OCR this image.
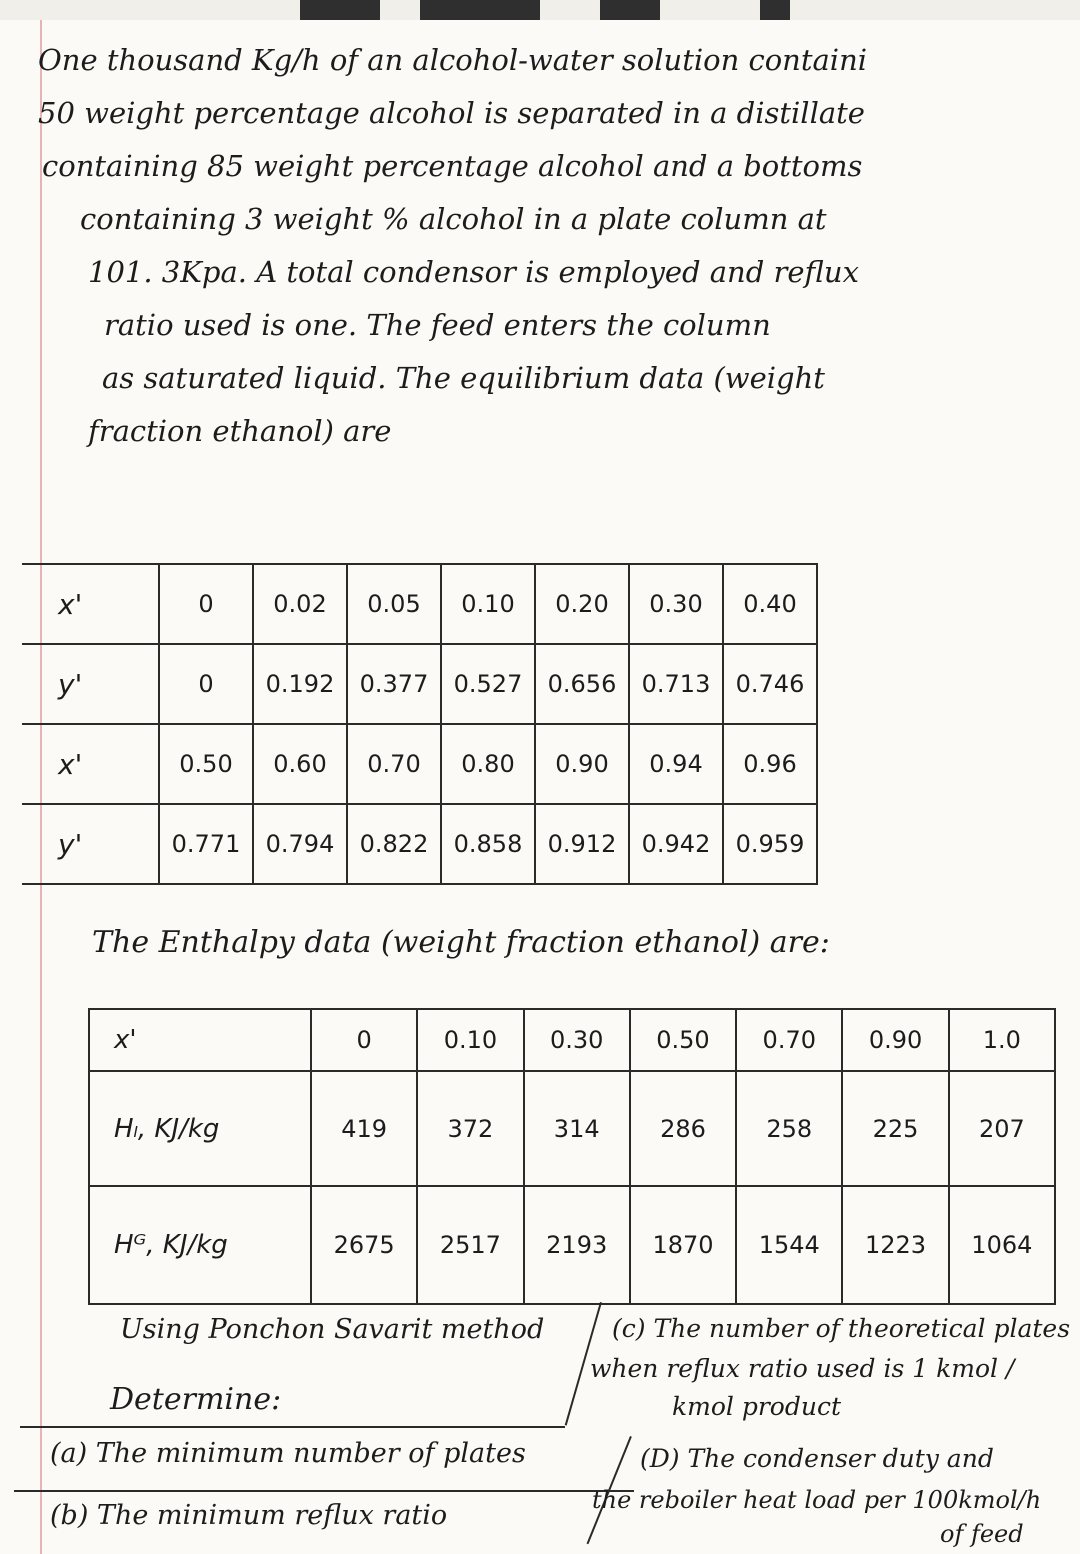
One thousand Kg/h of an alcohol-water solution containi
50 weight percentage alcohol is separated in a distillate
containing 85 weight percentage alcohol and a bottoms
containing 3 weight % alcohol in a plate column at
101. 3Kpa. A total condensor is employed and reflux
ratio used is one. The feed enters the column
as saturated liquid. The equilibrium data (weight
fraction ethanol) are
x'	0	0.02	0.05	0.10	0.20	0.30	0.40
y'	0	0.192	0.377	0.527	0.656	0.713	0.746
x'	0.50	0.60	0.70	0.80	0.90	0.94	0.96
y'	0.771	0.794	0.822	0.858	0.912	0.942	0.959
The Enthalpy data (weight fraction ethanol) are:
x'	0	0.10	0.30	0.50	0.70	0.90	1.0
Hₗ, KJ/kg	419	372	314	286	258	225	207
Hᴳ, KJ/kg	2675	2517	2193	1870	1544	1223	1064
Using Ponchon Savarit method
Determine:
(c) The number of theoretical plates
when reflux ratio used is 1 kmol /
kmol product
(a) The minimum number of plates
(b) The minimum reflux ratio
(D) The condenser duty and
the reboiler heat load per 100kmol/h
of feed
